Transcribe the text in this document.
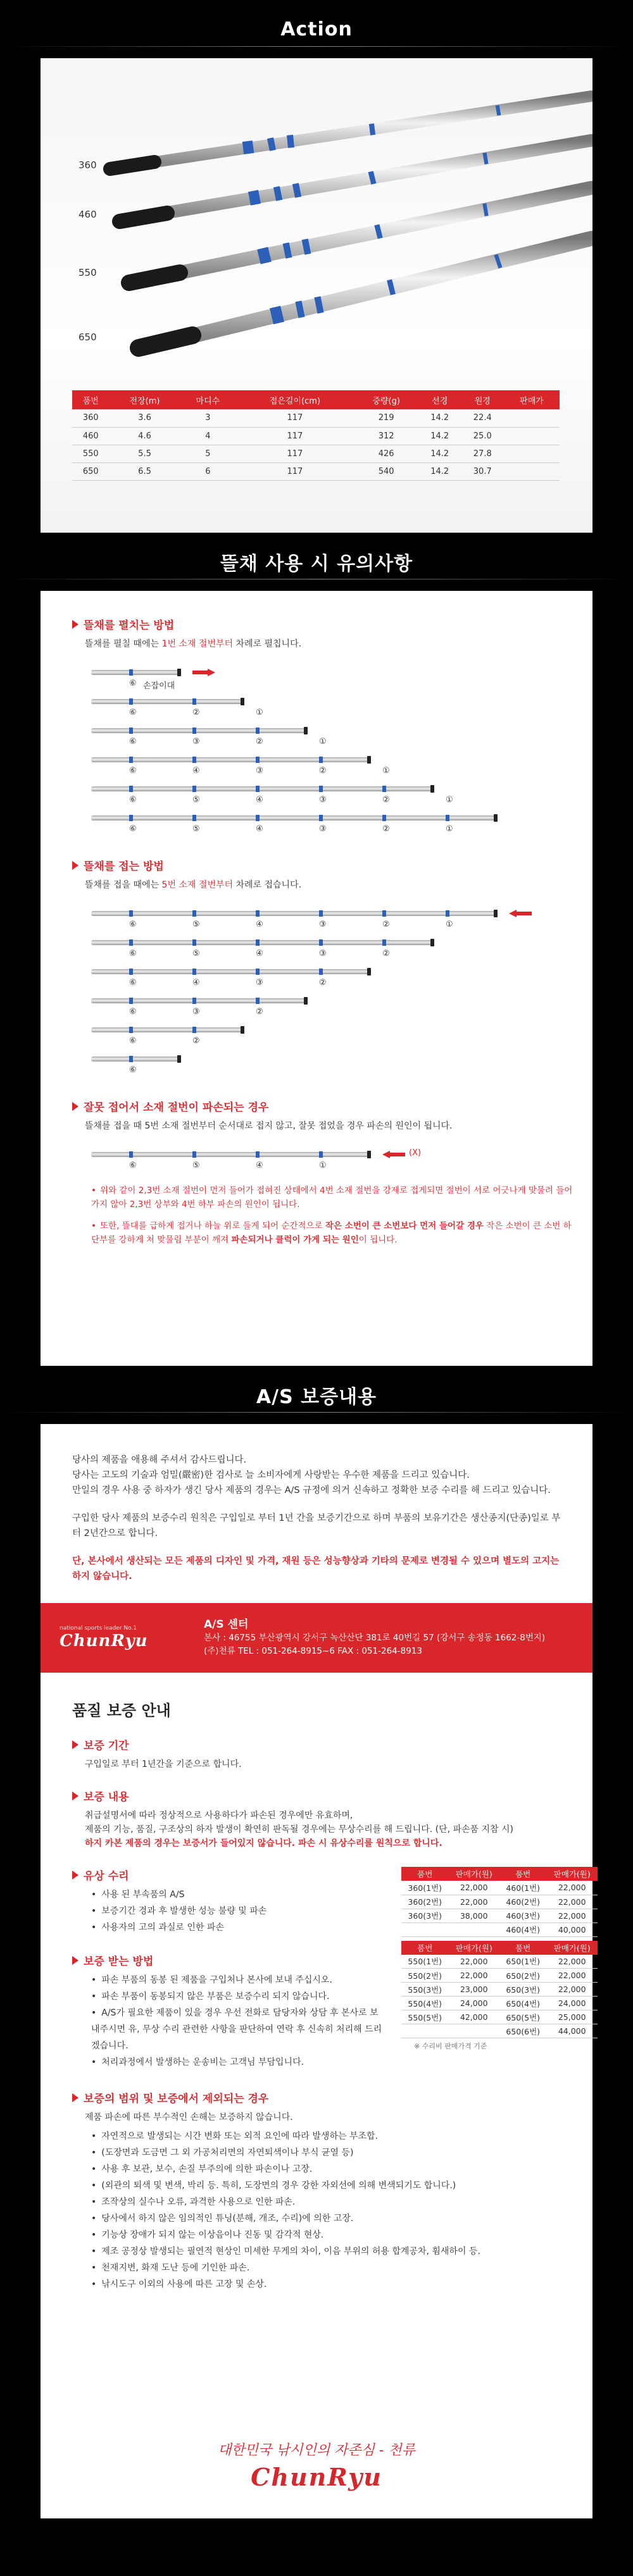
Action
360
460
550
650
품번	전장(m)	마디수	접은길이(cm)	중량(g)	선경	원경	판매가
360	3.6	3	117	219	14.2	22.4	
460	4.6	4	117	312	14.2	25.0	
550	5.5	5	117	426	14.2	27.8	
650	6.5	6	117	540	14.2	30.7	
뜰채 사용 시 유의사항
뜰채를 펼치는 방법
뜰채를 펼칠 때에는 1번 소재 절번부터 차례로 펼칩니다.
⑥ 손잡이대
⑥	②	①
⑥	③	②	①
⑥	④	③	②	①
⑥	⑤	④	③	②	①
⑥	⑤	④	③	②	①
뜰채를 접는 방법
뜰채를 접을 때에는 5번 소재 절번부터 차례로 접습니다.
⑥	⑤	④	③	②	①
⑥	⑤	④	③	②
⑥	④	③	②
⑥	③	②
⑥	②
⑥
잘못 접어서 소재 절번이 파손되는 경우
뜰채를 접을 때 5번 소재 절번부터 순서대로 접지 않고, 잘못 접었을 경우 파손의 원인이 됩니다.
⑥	⑤	④	①
(X)
• 위와 같이 2,3번 소재 절번이 먼저 들어가 접혀진 상태에서 4번 소재 절번을 강제로 접게되면 절번이 서로 어긋나게 맞물려 들어가지 않아 2,3번 상부와 4번 하부 파손의 원인이 됩니다.
• 또한, 뜰대를 급하게 접거나 하늘 위로 들게 되어 순간적으로 작은 소번이 큰 소번보다 먼저 들어갈 경우 작은 소번이 큰 소번 하단부를 강하게 쳐 맞물림 부분이 깨져 파손되거나 클럭이 가게 되는 원인이 됩니다.
A/S 보증내용

당사의 제품을 애용해 주셔서 감사드립니다.

당사는 고도의 기술과 엄밀(嚴密)한 검사로 늘 소비자에게 사랑받는 우수한 제품을 드리고 있습니다.

만일의 경우 사용 중 하자가 생긴 당사 제품의 경우는 A/S 규정에 의거 신속하고 정확한 보증 수리를 해 드리고 있습니다.

구입한 당사 제품의 보증수리 원칙은 구입일로 부터 1년 간을 보증기간으로 하며 부품의 보유기간은 생산종지(단종)일로 부터 2년간으로 합니다.

단, 본사에서 생산되는 모든 제품의 디자인 및 가격, 재원 등은 성능향상과 기타의 문제로 변경될 수 있으며 별도의 고지는 하지 않습니다.

national sports leader No.1
ChunRyu
A/S 센터
본사 : 46755 부산광역시 강서구 녹산산단 381로 40번길 57 (강서구 송정동 1662-8번지)
(주)천류 TEL : 051-264-8915~6 FAX : 051-264-8913
품질 보증 안내
보증 기간
구입일로 부터 1년간을 기준으로 합니다.
보증 내용
취급설명서에 따라 정상적으로 사용하다가 파손된 경우에만 유효하며,
제품의 기능, 품질, 구조상의 하자 발생이 확연히 판독될 경우에는 무상수리를 해 드립니다. (단, 파손품 지참 시)
하지 카본 제품의 경우는 보증서가 들어있지 않습니다. 파손 시 유상수리를 원칙으로 합니다.
품번	판매가(원)	품번	판매가(원)
360(1번)	22,000	460(1번)	22,000
360(2번)	22,000	460(2번)	22,000
360(3번)	38,000	460(3번)	22,000
		460(4번)	40,000
품번	판매가(원)	품번	판매가(원)
550(1번)	22,000	650(1번)	22,000
550(2번)	22,000	650(2번)	22,000
550(3번)	23,000	650(3번)	22,000
550(4번)	24,000	650(4번)	24,000
550(5번)	42,000	650(5번)	25,000
		650(6번)	44,000
※ 수리비 판매가격 기준
유상 수리
• 사용 된 부속품의 A/S
• 보증기간 경과 후 발생한 성능 불량 및 파손
• 사용자의 고의 과실로 인한 파손
보증 받는 방법
• 파손 부품의 동봉 된 제품을 구입처나 본사에 보내 주십시오.
• 파손 부품이 동봉되지 않은 부품은 보증수리 되지 않습니다.
• A/S가 필요한 제품이 있을 경우 우선 전화로 담당자와 상담 후 본사로 보내주시면 유, 무상 수리 관련한 사항을 판단하여 연락 후 신속히 처리해 드리겠습니다.
• 처리과정에서 발생하는 운송비는 고객님 부담입니다.
보증의 범위 및 보증에서 제외되는 경우
제품 파손에 따른 부수적인 손해는 보증하지 않습니다.
• 자연적으로 발생되는 시간 변화 또는 외적 요인에 따라 발생하는 부조합.
• (도장면과 도금면 그 외 가공처리면의 자연퇴색이나 부식 균열 등)
• 사용 후 보관, 보수, 손질 부주의에 의한 파손이나 고장.
• (외관의 퇴색 및 변색, 박리 등. 특히, 도장면의 경우 강한 자외선에 의해 변색되기도 합니다.)
• 조작상의 실수나 오류, 과격한 사용으로 인한 파손.
• 당사에서 하지 않은 임의적인 튜닝(분해, 개조, 수리)에 의한 고장.
• 기능상 장애가 되지 않는 이상음이나 진동 및 감각적 현상.
• 제조 공정상 발생되는 필연적 현상인 미세한 무게의 차이, 이음 부위의 허용 합계공차, 휨새하이 등.
• 천재지변, 화재 도난 등에 기인한 파손.
• 낚시도구 이외의 사용에 따른 고장 및 손상.
대한민국 낚시인의 자존심 - 천류
ChunRyu
